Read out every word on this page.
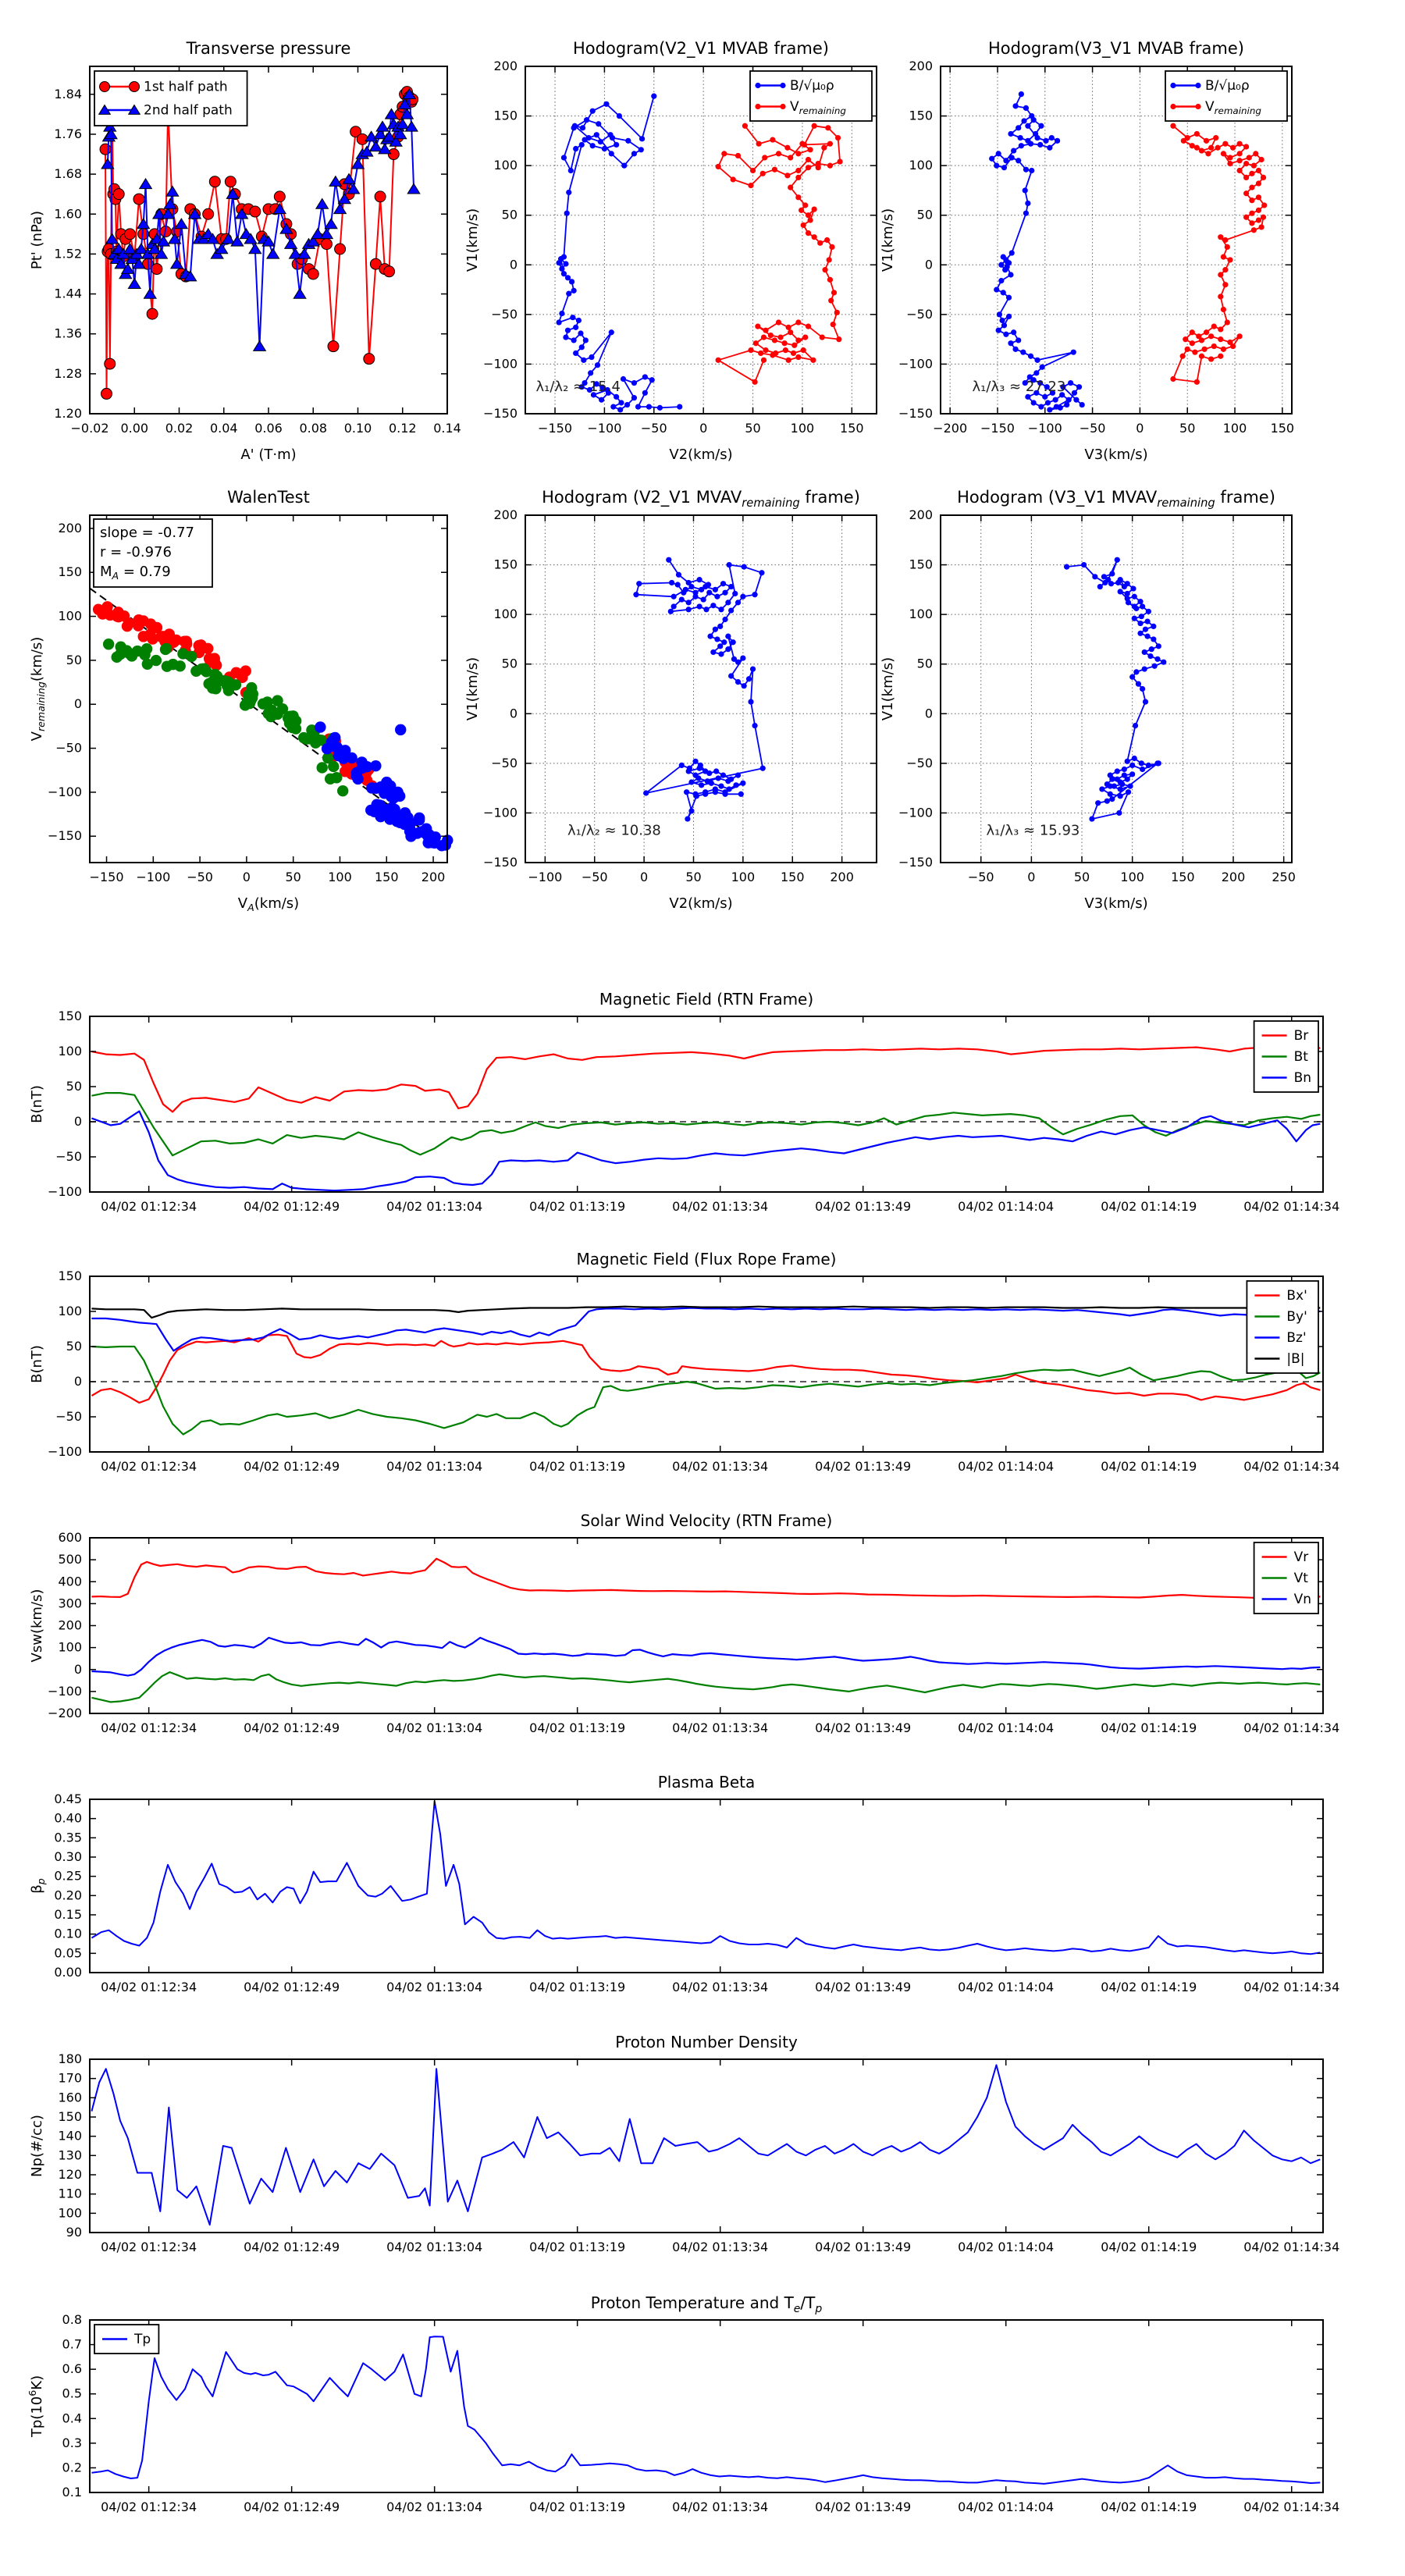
−0.02 0.00 0.02 0.04 0.06 0.08 0.10 0.12 0.14
1.20
1.28
1.36
1.44
1.52
1.60
1.68
1.76
1.84
A' (T·m)
Pt' (nPa)
1st half path
2nd half path
−150 −100 −50	0	50 100 150
−150
−100
−50
0
50
100
150
200
V2(km/s)
V1(km/s)
λ₁/λ₂ ≈ 15.4
B/√μ₀ρ
$V_{remaining}$
−200 −150 −100 −50 0	50 100 150
−150
−100
−50
0
50
100
150
200
V3(km/s)
V1(km/s)
λ₁/λ₃ ≈ 27.23
B/√μ₀ρ
$V_{remaining}$
−150 −100 −50 0	50 100 150 200
−150
−100
−50
0
50
100
150
200
$V_A(km/s)$
$V_{remaining}(km/s)$
slope = -0.77
r = -0.976
$M_A = 0.79$
−100 −50	0	50 100 150 200
−150
−100
−50
0
50
100
150
200
V2(km/s)
V1(km/s)
λ₁/λ₂ ≈ 10.38
−50	0	50 100 150 200 250
−150
−100
−50
0
50
100
150
200
V3(km/s)
V1(km/s)
λ₁/λ₃ ≈ 15.93
04/02 01:12:34	04/02 01:12:49	04/02 01:13:04	04/02 01:13:19	04/02 01:13:34	04/02 01:13:49	04/02 01:14:04	04/02 01:14:19	04/02 01:14:34
−100
−50
0
50
100
150
B(nT)
Br
Bt
Bn
04/02 01:12:34	04/02 01:12:49	04/02 01:13:04	04/02 01:13:19	04/02 01:13:34	04/02 01:13:49	04/02 01:14:04	04/02 01:14:19	04/02 01:14:34
−100
−50
0
50
100
150
B(nT)
Bx'
By'
Bz'
|B|
04/02 01:12:34	04/02 01:12:49	04/02 01:13:04	04/02 01:13:19	04/02 01:13:34	04/02 01:13:49	04/02 01:14:04	04/02 01:14:19	04/02 01:14:34
−200
−100
0
100
200
300
400
500
600
Vsw(km/s)
Vr
Vt
Vn
04/02 01:12:34	04/02 01:12:49	04/02 01:13:04	04/02 01:13:19	04/02 01:13:34	04/02 01:13:49	04/02 01:14:04	04/02 01:14:19	04/02 01:14:34
0.00
0.05
0.10
0.15
0.20
0.25
0.30
0.35
0.40
0.45
$\beta_p$
04/02 01:12:34	04/02 01:12:49	04/02 01:13:04	04/02 01:13:19	04/02 01:13:34	04/02 01:13:49	04/02 01:14:04	04/02 01:14:19	04/02 01:14:34
90
100
110
120
130
140
150
160
170
180
Np(#/cc)
04/02 01:12:34	04/02 01:12:49	04/02 01:13:04	04/02 01:13:19	04/02 01:13:34	04/02 01:13:49	04/02 01:14:04	04/02 01:14:19	04/02 01:14:34
0.1
0.2
0.3
0.4
0.5
0.6
0.7
0.8
$Tp(10^6K)$
Tp
Transverse pressure	Hodogram(V2_V1 MVAB frame)	Hodogram(V3_V1 MVAB frame)
WalenTest	Hodogram (V2_V1 $MVAV_{remaining}$ frame)	Hodogram (V3_V1 $MVAV_{remaining}$ frame)
Magnetic Field (RTN Frame)
Magnetic Field (Flux Rope Frame)
Solar Wind Velocity (RTN Frame)
Plasma Beta
Proton Number Density
Proton Temperature and $T_e/T_p$
